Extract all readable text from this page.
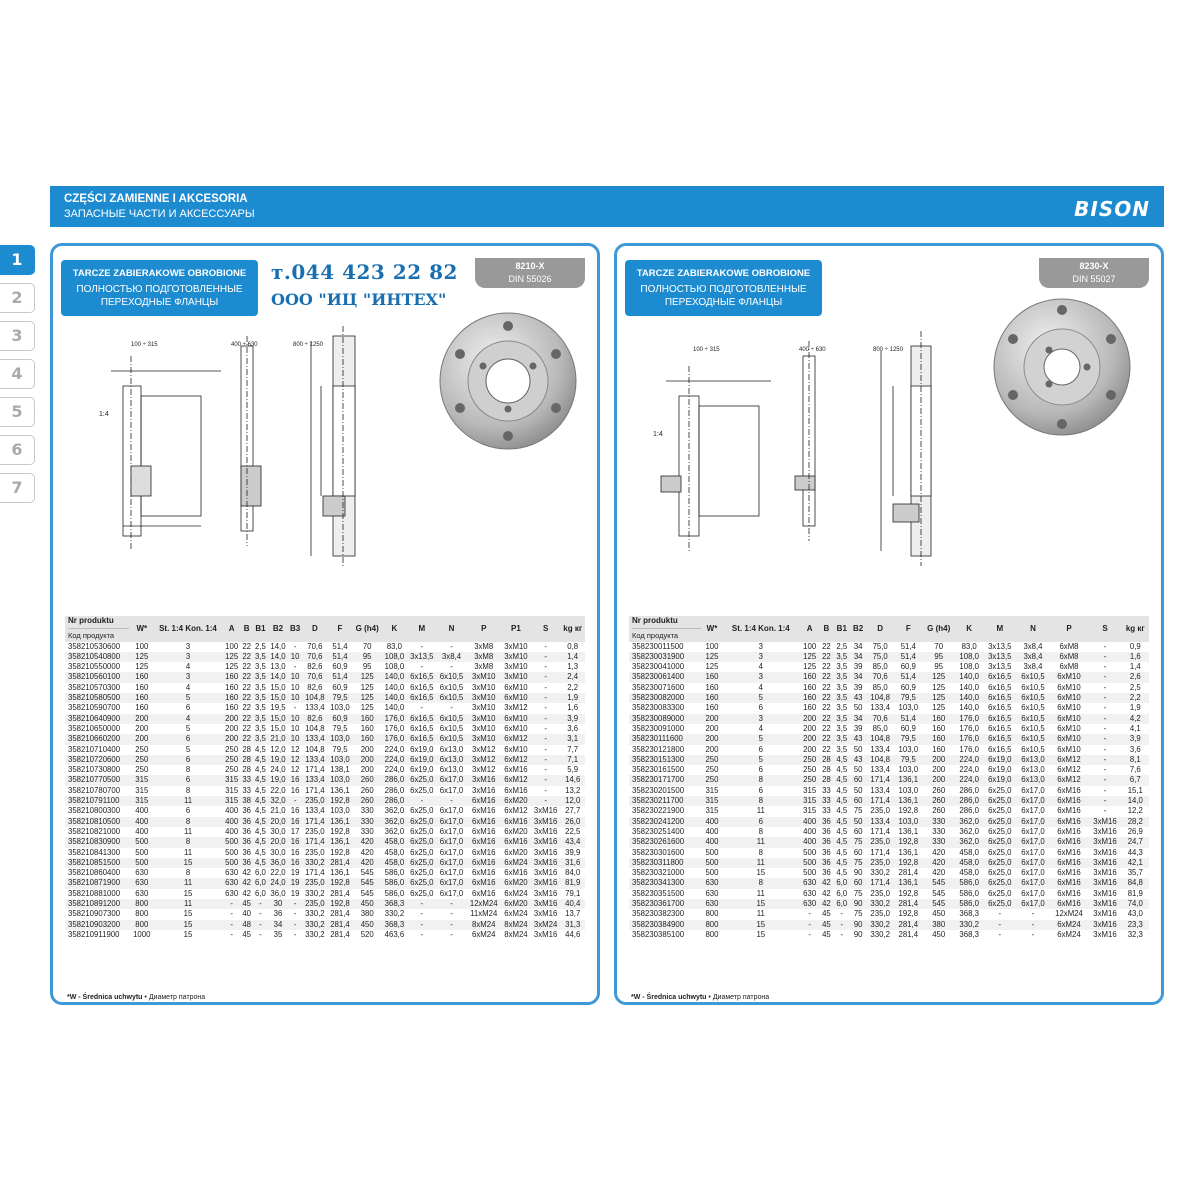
CZĘŚCI ZAMIENNE I AKCESORIA
ЗАПАСНЫЕ ЧАСТИ И АКСЕССУАРЫ	BISON
1
2
3
4
5
6
7
TARCZE ZABIERAKOWE OBROBIONE
ПОЛНОСТЬЮ ПОДГОТОВЛЕННЫЕ
ПЕРЕХОДНЫЕ ФЛАНЦЫ
т.044 423 22 82
ООО "ИЦ "ИНТЕХ"
8210-X
DIN 55026
100 ÷ 315	400 ÷ 630	800 ÷ 1250
1:4
Nr produktu
Код продукта	W*	St. 1:4 Kon. 1:4	A	B	B1	B2	B3	D	F	G (h4)	K	M	N	P	P1	S	kg кг
358210530600	100	3	100	22	2,5	14,0	-	70,6	51,4	70	83,0	-	-	3xM8	3xM10	-	0,8
358210540800	125	3	125	22	3,5	14,0	10	70,6	51,4	95	108,0	3x13,5	3x8,4	3xM8	3xM10	-	1,4
358210550000	125	4	125	22	3,5	13,0	-	82,6	60,9	95	108,0	-	-	3xM8	3xM10	-	1,3
358210560100	160	3	160	22	3,5	14,0	10	70,6	51,4	125	140,0	6x16,5	6x10,5	3xM10	3xM10	-	2,4
358210570300	160	4	160	22	3,5	15,0	10	82,6	60,9	125	140,0	6x16,5	6x10,5	3xM10	6xM10	-	2,2
358210580500	160	5	160	22	3,5	15,0	10	104,8	79,5	125	140,0	6x16,5	6x10,5	3xM10	6xM10	-	1,9
358210590700	160	6	160	22	3,5	19,5	-	133,4	103,0	125	140,0	-	-	3xM10	3xM12	-	1,6
358210640900	200	4	200	22	3,5	15,0	10	82,6	60,9	160	176,0	6x16,5	6x10,5	3xM10	6xM10	-	3,9
358210650000	200	5	200	22	3,5	15,0	10	104,8	79,5	160	176,0	6x16,5	6x10,5	3xM10	6xM10	-	3,6
358210660200	200	6	200	22	3,5	21,0	10	133,4	103,0	160	176,0	6x16,5	6x10,5	3xM10	6xM12	-	3,1
358210710400	250	5	250	28	4,5	12,0	12	104,8	79,5	200	224,0	6x19,0	6x13,0	3xM12	6xM10	-	7,7
358210720600	250	6	250	28	4,5	19,0	12	133,4	103,0	200	224,0	6x19,0	6x13,0	3xM12	6xM12	-	7,1
358210730800	250	8	250	28	4,5	24,0	12	171,4	138,1	200	224,0	6x19,0	6x13,0	3xM12	6xM16	-	5,9
358210770500	315	6	315	33	4,5	19,0	16	133,4	103,0	260	286,0	6x25,0	6x17,0	3xM16	6xM12	-	14,6
358210780700	315	8	315	33	4,5	22,0	16	171,4	136,1	260	286,0	6x25,0	6x17,0	3xM16	6xM16	-	13,2
358210791100	315	11	315	38	4,5	32,0	-	235,0	192,8	260	286,0	-	-	6xM16	6xM20	-	12,0
358210800300	400	6	400	36	4,5	21,0	16	133,4	103,0	330	362,0	6x25,0	6x17,0	6xM16	6xM12	3xM16	27,7
358210810500	400	8	400	36	4,5	20,0	16	171,4	136,1	330	362,0	6x25,0	6x17,0	6xM16	6xM16	3xM16	26,0
358210821000	400	11	400	36	4,5	30,0	17	235,0	192,8	330	362,0	6x25,0	6x17,0	6xM16	6xM20	3xM16	22,5
358210830900	500	8	500	36	4,5	20,0	16	171,4	136,1	420	458,0	6x25,0	6x17,0	6xM16	6xM16	3xM16	43,4
358210841300	500	11	500	36	4,5	30,0	16	235,0	192,8	420	458,0	6x25,0	6x17,0	6xM16	6xM20	3xM16	39,9
358210851500	500	15	500	36	4,5	36,0	16	330,2	281,4	420	458,0	6x25,0	6x17,0	6xM16	6xM24	3xM16	31,6
358210860400	630	8	630	42	6,0	22,0	19	171,4	136,1	545	586,0	6x25,0	6x17,0	6xM16	6xM16	3xM16	84,0
358210871900	630	11	630	42	6,0	24,0	19	235,0	192,8	545	586,0	6x25,0	6x17,0	6xM16	6xM20	3xM16	81,9
358210881000	630	15	630	42	6,0	36,0	19	330,2	281,4	545	586,0	6x25,0	6x17,0	6xM16	6xM24	3xM16	79,1
358210891200	800	11	-	45	-	30	-	235,0	192,8	450	368,3	-	-	12xM24	6xM20	3xM16	40,4
358210907300	800	15	-	40	-	36	-	330,2	281,4	380	330,2	-	-	11xM24	6xM24	3xM16	13,7
358210903200	800	15	-	48	-	34	-	330,2	281,4	450	368,3	-	-	8xM24	8xM24	3xM24	31,3
358210911900	1000	15	-	45	-	35	-	330,2	281,4	520	463,6	-	-	6xM24	8xM24	3xM16	44,6
*W - Średnica uchwytu • Диаметр патрона
TARCZE ZABIERAKOWE OBROBIONE
ПОЛНОСТЬЮ ПОДГОТОВЛЕННЫЕ
ПЕРЕХОДНЫЕ ФЛАНЦЫ
8230-X
DIN 55027
100 ÷ 315	400 ÷ 630	800 ÷ 1250
1:4
Nr produktu
Код продукта	W*	St. 1:4 Kon. 1:4	A	B	B1	B2	D	F	G (h4)	K	M	N	P	S	kg кг
358230011500	100	3	100	22	2,5	34	75,0	51,4	70	83,0	3x13,5	3x8,4	6xM8	-	0,9
358230031900	125	3	125	22	3,5	34	75,0	51,4	95	108,0	3x13,5	3x8,4	6xM8	-	1,6
358230041000	125	4	125	22	3,5	39	85,0	60,9	95	108,0	3x13,5	3x8,4	6xM8	-	1,4
358230061400	160	3	160	22	3,5	34	70,6	51,4	125	140,0	6x16,5	6x10,5	6xM10	-	2,6
358230071600	160	4	160	22	3,5	39	85,0	60,9	125	140,0	6x16,5	6x10,5	6xM10	-	2,5
358230082000	160	5	160	22	3,5	43	104,8	79,5	125	140,0	6x16,5	6x10,5	6xM10	-	2,2
358230083300	160	6	160	22	3,5	50	133,4	103,0	125	140,0	6x16,5	6x10,5	6xM10	-	1,9
358230089000	200	3	200	22	3,5	34	70,6	51,4	160	176,0	6x16,5	6x10,5	6xM10	-	4,2
358230091000	200	4	200	22	3,5	39	85,0	60,9	160	176,0	6x16,5	6x10,5	6xM10	-	4,1
358230111600	200	5	200	22	3,5	43	104,8	79,5	160	176,0	6x16,5	6x10,5	6xM10	-	3,9
358230121800	200	6	200	22	3,5	50	133,4	103,0	160	176,0	6x16,5	6x10,5	6xM10	-	3,6
358230151300	250	5	250	28	4,5	43	104,8	79,5	200	224,0	6x19,0	6x13,0	6xM12	-	8,1
358230161500	250	6	250	28	4,5	50	133,4	103,0	200	224,0	6x19,0	6x13,0	6xM12	-	7,6
358230171700	250	8	250	28	4,5	60	171,4	136,1	200	224,0	6x19,0	6x13,0	6xM12	-	6,7
358230201500	315	6	315	33	4,5	50	133,4	103,0	260	286,0	6x25,0	6x17,0	6xM16	-	15,1
358230211700	315	8	315	33	4,5	60	171,4	136,1	260	286,0	6x25,0	6x17,0	6xM16	-	14,0
358230221900	315	11	315	33	4,5	75	235,0	192,8	260	286,0	6x25,0	6x17,0	6xM16	-	12,2
358230241200	400	6	400	36	4,5	50	133,4	103,0	330	362,0	6x25,0	6x17,0	6xM16	3xM16	28,2
358230251400	400	8	400	36	4,5	60	171,4	136,1	330	362,0	6x25,0	6x17,0	6xM16	3xM16	26,9
358230261600	400	11	400	36	4,5	75	235,0	192,8	330	362,0	6x25,0	6x17,0	6xM16	3xM16	24,7
358230301600	500	8	500	36	4,5	60	171,4	136,1	420	458,0	6x25,0	6x17,0	6xM16	3xM16	44,3
358230311800	500	11	500	36	4,5	75	235,0	192,8	420	458,0	6x25,0	6x17,0	6xM16	3xM16	42,1
358230321000	500	15	500	36	4,5	90	330,2	281,4	420	458,0	6x25,0	6x17,0	6xM16	3xM16	35,7
358230341300	630	8	630	42	6,0	60	171,4	136,1	545	586,0	6x25,0	6x17,0	6xM16	3xM16	84,8
358230351500	630	11	630	42	6,0	75	235,0	192,8	545	586,0	6x25,0	6x17,0	6xM16	3xM16	81,9
358230361700	630	15	630	42	6,0	90	330,2	281,4	545	586,0	6x25,0	6x17,0	6xM16	3xM16	74,0
358230382300	800	11	-	45	-	75	235,0	192,8	450	368,3	-	-	12xM24	3xM16	43,0
358230384900	800	15	-	45	-	90	330,2	281,4	380	330,2	-	-	6xM24	3xM16	23,3
358230385100	800	15	-	45	-	90	330,2	281,4	450	368,3	-	-	6xM24	3xM16	32,3
*W - Średnica uchwytu • Диаметр патрона
